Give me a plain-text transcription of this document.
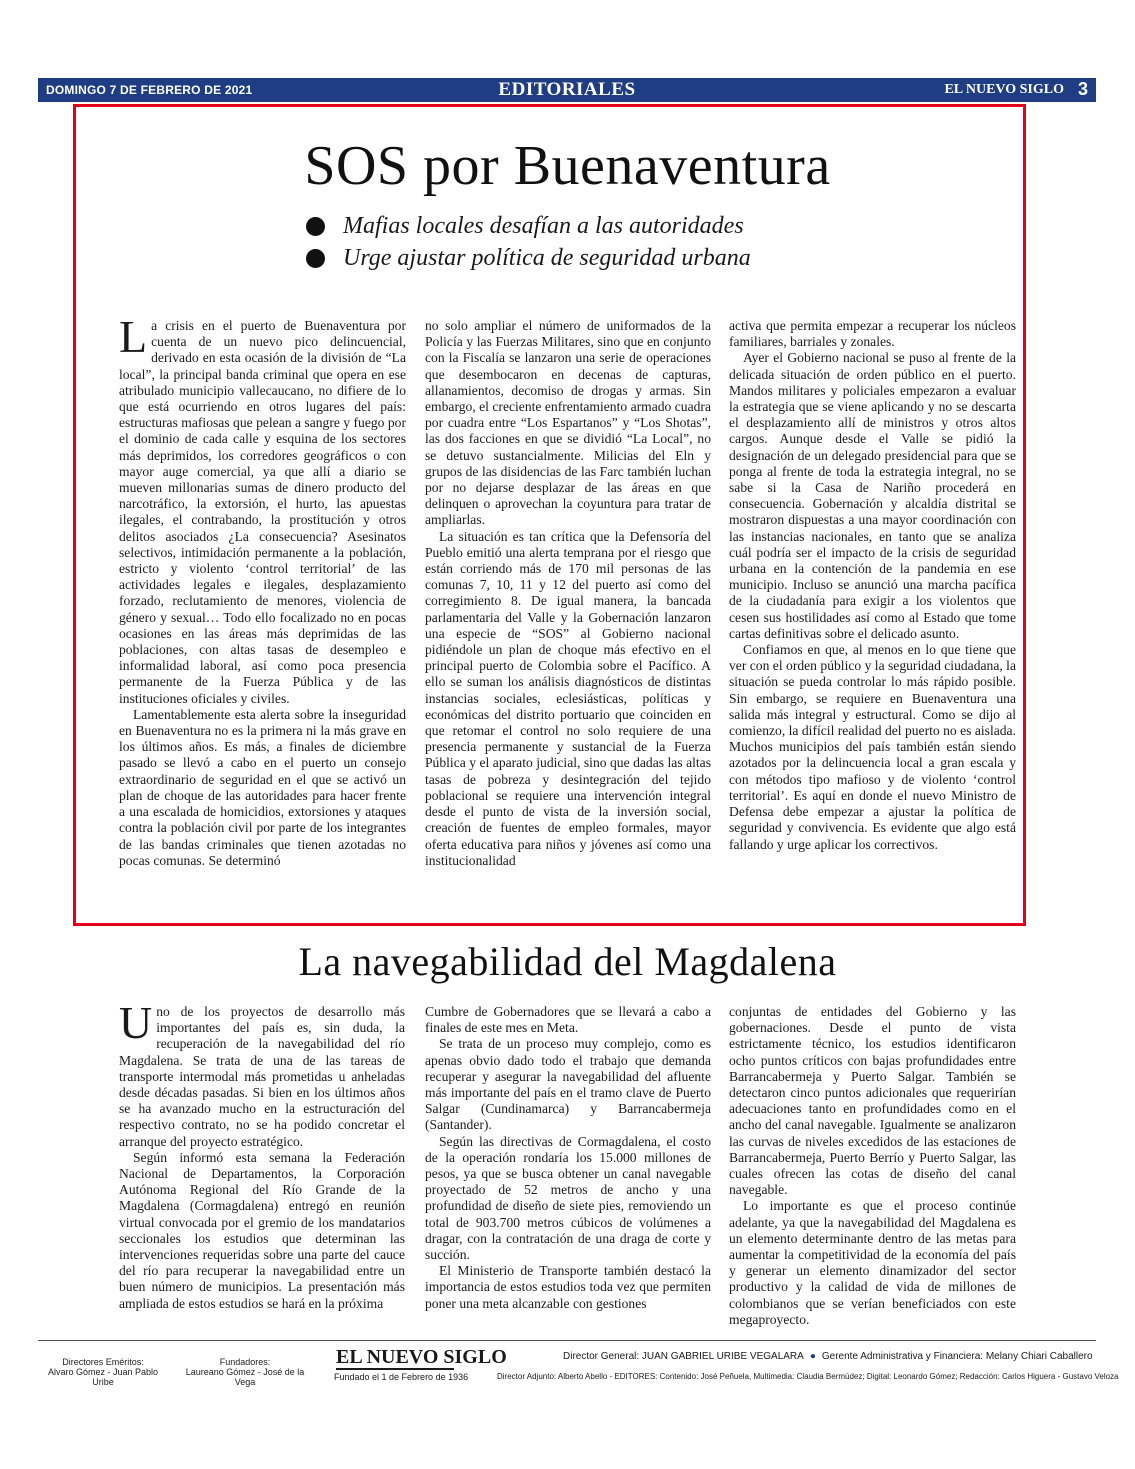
DOMINGO 7 DE FEBRERO DE 2021	EDITORIALES	EL NUEVO SIGLO 3
SOS por Buenaventura
Mafias locales desafían a las autoridades
Urge ajustar política de seguridad urbana

La crisis en el puerto de Buenaventura por cuenta de un nuevo pico delincuencial, derivado en esta ocasión de la división de “La local”, la principal banda criminal que opera en ese atribulado municipio vallecaucano, no difiere de lo que está ocurriendo en otros lugares del país: estructuras mafiosas que pelean a sangre y fuego por el dominio de cada calle y esquina de los sectores más deprimidos, los corredores geográficos o con mayor auge comercial, ya que allí a diario se mueven millonarias sumas de dinero producto del narcotráfico, la extorsión, el hurto, las apuestas ilegales, el contrabando, la prostitución y otros delitos asociados ¿La consecuencia? Asesinatos selectivos, intimidación permanente a la población, estricto y violento ‘control territorial’ de las actividades legales e ilegales, desplazamiento forzado, reclutamiento de menores, violencia de género y sexual… Todo ello focalizado no en pocas ocasiones en las áreas más deprimidas de las poblaciones, con altas tasas de desempleo e informalidad laboral, así como poca presencia permanente de la Fuerza Pública y de las instituciones oficiales y civiles.

Lamentablemente esta alerta sobre la inseguridad en Buenaventura no es la primera ni la más grave en los últimos años. Es más, a finales de diciembre pasado se llevó a cabo en el puerto un consejo extraordinario de seguridad en el que se activó un plan de choque de las autoridades para hacer frente a una escalada de homicidios, extorsiones y ataques contra la población civil por parte de los integrantes de las bandas criminales que tienen azotadas no pocas comunas. Se determinó

no solo ampliar el número de uniformados de la Policía y las Fuerzas Militares, sino que en conjunto con la Fiscalía se lanzaron una serie de operaciones que desembocaron en decenas de capturas, allanamientos, decomiso de drogas y armas. Sin embargo, el creciente enfrentamiento armado cuadra por cuadra entre “Los Espartanos” y “Los Shotas”, las dos facciones en que se dividió “La Local”, no se detuvo sustancialmente. Milicias del Eln y grupos de las disidencias de las Farc también luchan por no dejarse desplazar de las áreas en que delinquen o aprovechan la coyuntura para tratar de ampliarlas.

La situación es tan crítica que la Defensoría del Pueblo emitió una alerta temprana por el riesgo que están corriendo más de 170 mil personas de las comunas 7, 10, 11 y 12 del puerto así como del corregimiento 8. De igual manera, la bancada parlamentaria del Valle y la Gobernación lanzaron una especie de “SOS” al Gobierno nacional pidiéndole un plan de choque más efectivo en el principal puerto de Colombia sobre el Pacífico. A ello se suman los análisis diagnósticos de distintas instancias sociales, eclesiásticas, políticas y económicas del distrito portuario que coinciden en que retomar el control no solo requiere de una presencia permanente y sustancial de la Fuerza Pública y el aparato judicial, sino que dadas las altas tasas de pobreza y desintegración del tejido poblacional se requiere una intervención integral desde el punto de vista de la inversión social, creación de fuentes de empleo formales, mayor oferta educativa para niños y jóvenes así como una institucionalidad

activa que permita empezar a recuperar los núcleos familiares, barriales y zonales.

Ayer el Gobierno nacional se puso al frente de la delicada situación de orden público en el puerto. Mandos militares y policiales empezaron a evaluar la estrategia que se viene aplicando y no se descarta el desplazamiento allí de ministros y otros altos cargos. Aunque desde el Valle se pidió la designación de un delegado presidencial para que se ponga al frente de toda la estrategia integral, no se sabe si la Casa de Nariño procederá en consecuencia. Gobernación y alcaldía distrital se mostraron dispuestas a una mayor coordinación con las instancias nacionales, en tanto que se analiza cuál podría ser el impacto de la crisis de seguridad urbana en la contención de la pandemia en ese municipio. Incluso se anunció una marcha pacífica de la ciudadanía para exigir a los violentos que cesen sus hostilidades así como al Estado que tome cartas definitivas sobre el delicado asunto.

Confiamos en que, al menos en lo que tiene que ver con el orden público y la seguridad ciudadana, la situación se pueda controlar lo más rápido posible. Sin embargo, se requiere en Buenaventura una salida más integral y estructural. Como se dijo al comienzo, la difícil realidad del puerto no es aislada. Muchos municipios del país también están siendo azotados por la delincuencia local a gran escala y con métodos tipo mafioso y de violento ‘control territorial’. Es aquí en donde el nuevo Ministro de Defensa debe empezar a ajustar la política de seguridad y convivencia. Es evidente que algo está fallando y urge aplicar los correctivos.

La navegabilidad del Magdalena

Uno de los proyectos de desarrollo más importantes del país es, sin duda, la recuperación de la navegabilidad del río Magdalena. Se trata de una de las tareas de transporte intermodal más prometidas u anheladas desde décadas pasadas. Si bien en los últimos años se ha avanzado mucho en la estructuración del respectivo contrato, no se ha podido concretar el arranque del proyecto estratégico.

Según informó esta semana la Federación Nacional de Departamentos, la Corporación Autónoma Regional del Río Grande de la Magdalena (Cormagdalena) entregó en reunión virtual convocada por el gremio de los mandatarios seccionales los estudios que determinan las intervenciones requeridas sobre una parte del cauce del río para recuperar la navegabilidad entre un buen número de municipios. La presentación más ampliada de estos estudios se hará en la próxima

Cumbre de Gobernadores que se llevará a cabo a finales de este mes en Meta.

Se trata de un proceso muy complejo, como es apenas obvio dado todo el trabajo que demanda recuperar y asegurar la navegabilidad del afluente más importante del país en el tramo clave de Puerto Salgar (Cundinamarca) y Barrancabermeja (Santander).

Según las directivas de Cormagdalena, el costo de la operación rondaría los 15.000 millones de pesos, ya que se busca obtener un canal navegable proyectado de 52 metros de ancho y una profundidad de diseño de siete pies, removiendo un total de 903.700 metros cúbicos de volúmenes a dragar, con la contratación de una draga de corte y succión.

El Ministerio de Transporte también destacó la importancia de estos estudios toda vez que permiten poner una meta alcanzable con gestiones

conjuntas de entidades del Gobierno y las gobernaciones. Desde el punto de vista estrictamente técnico, los estudios identificaron ocho puntos críticos con bajas profundidades entre Barrancabermeja y Puerto Salgar. También se detectaron cinco puntos adicionales que requerirían adecuaciones tanto en profundidades como en el ancho del canal navegable. Igualmente se analizaron las curvas de niveles excedidos de las estaciones de Barrancabermeja, Puerto Berrío y Puerto Salgar, las cuales ofrecen las cotas de diseño del canal navegable.

Lo importante es que el proceso continúe adelante, ya que la navegabilidad del Magdalena es un elemento determinante dentro de las metas para aumentar la competitividad de la economía del país y generar un elemento dinamizador del sector productivo y la calidad de vida de millones de colombianos que se verían beneficiados con este megaproyecto.

Directores Eméritos:
Alvaro Gómez - Juan Pablo Uribe
Fundadores:
Laureano Gómez - José de la Vega
EL NUEVO SIGLO
Fundado el 1 de Febrero de 1936
Director General: JUAN GABRIEL URIBE VEGALARA ● Gerente Administrativa y Financiera: Melany Chiari Caballero
Director Adjunto: Alberto Abello - EDITORES: Contenido: José Peñuela, Multimedia: Claudia Bermúdez; Digital: Leonardo Gómez; Redacción: Carlos Higuera - Gustavo Veloza
